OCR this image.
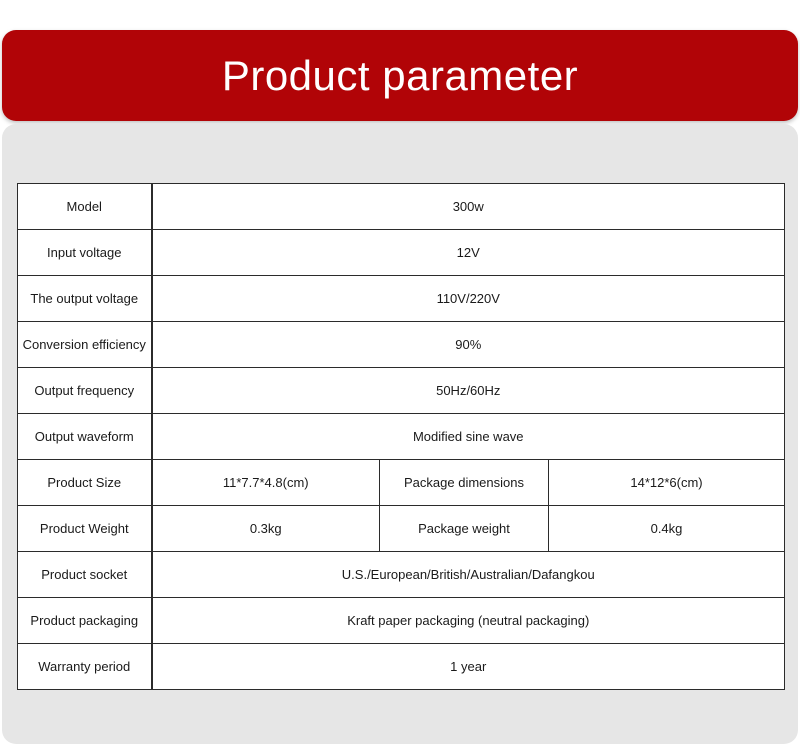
Product parameter
Model	300w		
Input voltage	12V		
The output voltage	110V/220V		
Conversion efficiency	90%		
Output frequency	50Hz/60Hz		
Output waveform	Modified sine wave		
Product Size	11*7.7*4.8(cm)	Package dimensions	14*12*6(cm)
Product Weight	0.3kg	Package weight	0.4kg
Product socket	U.S./European/British/Australian/Dafangkou		
Product packaging	Kraft paper packaging (neutral packaging)		
Warranty period	1 year		
